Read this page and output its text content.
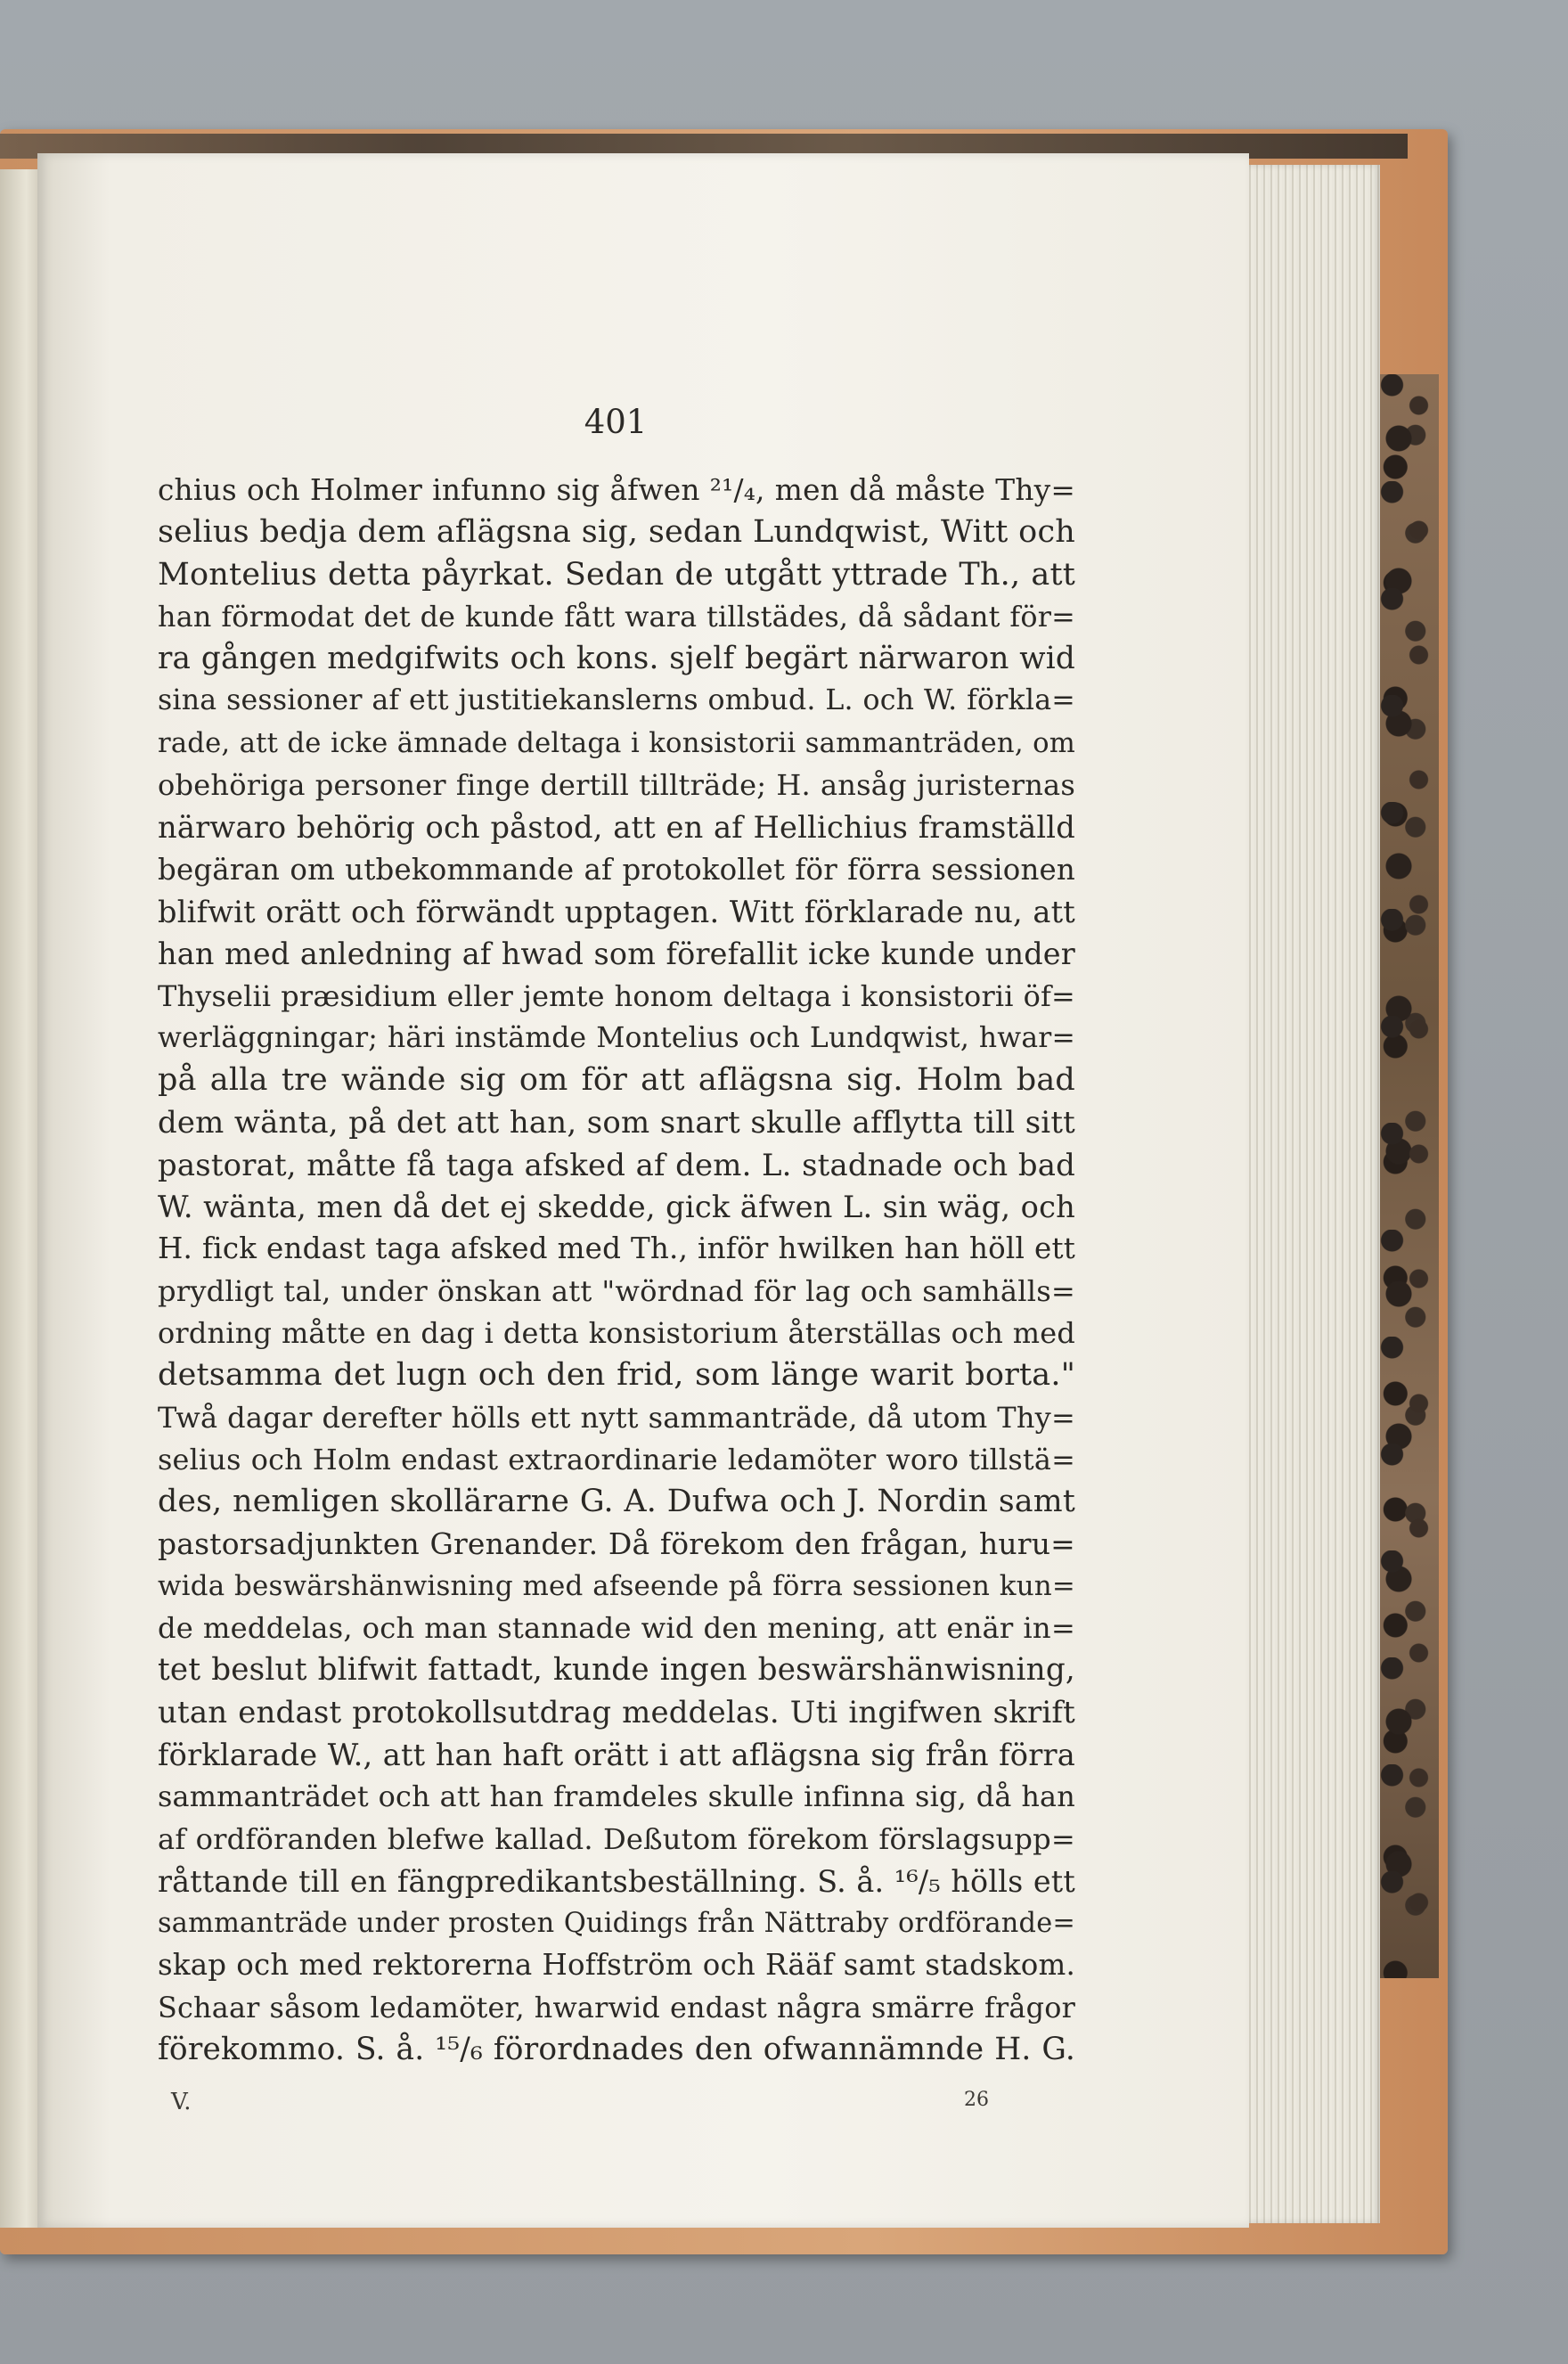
401
chius och Holmer infunno sig åfwen ²¹/₄, men då måste Thy=
selius bedja dem aflägsna sig, sedan Lundqwist, Witt och
Montelius detta påyrkat. Sedan de utgått yttrade Th., att
han förmodat det de kunde fått wara tillstädes, då sådant för=
ra gången medgifwits och kons. sjelf begärt närwaron wid
sina sessioner af ett justitiekanslerns ombud. L. och W. förkla=
rade, att de icke ämnade deltaga i konsistorii sammanträden, om
obehöriga personer finge dertill tillträde; H. ansåg juristernas
närwaro behörig och påstod, att en af Hellichius framställd
begäran om utbekommande af protokollet för förra sessionen
blifwit orätt och förwändt upptagen. Witt förklarade nu, att
han med anledning af hwad som förefallit icke kunde under
Thyselii præsidium eller jemte honom deltaga i konsistorii öf=
werläggningar; häri instämde Montelius och Lundqwist, hwar=
på alla tre wände sig om för att aflägsna sig. Holm bad
dem wänta, på det att han, som snart skulle afflytta till sitt
pastorat, måtte få taga afsked af dem. L. stadnade och bad
W. wänta, men då det ej skedde, gick äfwen L. sin wäg, och
H. fick endast taga afsked med Th., inför hwilken han höll ett
prydligt tal, under önskan att "wördnad för lag och samhälls=
ordning måtte en dag i detta konsistorium återställas och med
detsamma det lugn och den frid, som länge warit borta."
Twå dagar derefter hölls ett nytt sammanträde, då utom Thy=
selius och Holm endast extraordinarie ledamöter woro tillstä=
des, nemligen skollärarne G. A. Dufwa och J. Nordin samt
pastorsadjunkten Grenander. Då förekom den frågan, huru=
wida beswärshänwisning med afseende på förra sessionen kun=
de meddelas, och man stannade wid den mening, att enär in=
tet beslut blifwit fattadt, kunde ingen beswärshänwisning,
utan endast protokollsutdrag meddelas. Uti ingifwen skrift
förklarade W., att han haft orätt i att aflägsna sig från förra
sammanträdet och att han framdeles skulle infinna sig, då han
af ordföranden blefwe kallad. Deßutom förekom förslagsupp=
råttande till en fängpredikantsbeställning. S. å. ¹⁶/₅ hölls ett
sammanträde under prosten Quidings från Nättraby ordförande=
skap och med rektorerna Hoffström och Rääf samt stadskom.
Schaar såsom ledamöter, hwarwid endast några smärre frågor
förekommo. S. å. ¹⁵/₆ förordnades den ofwannämnde H. G.
V.	26
